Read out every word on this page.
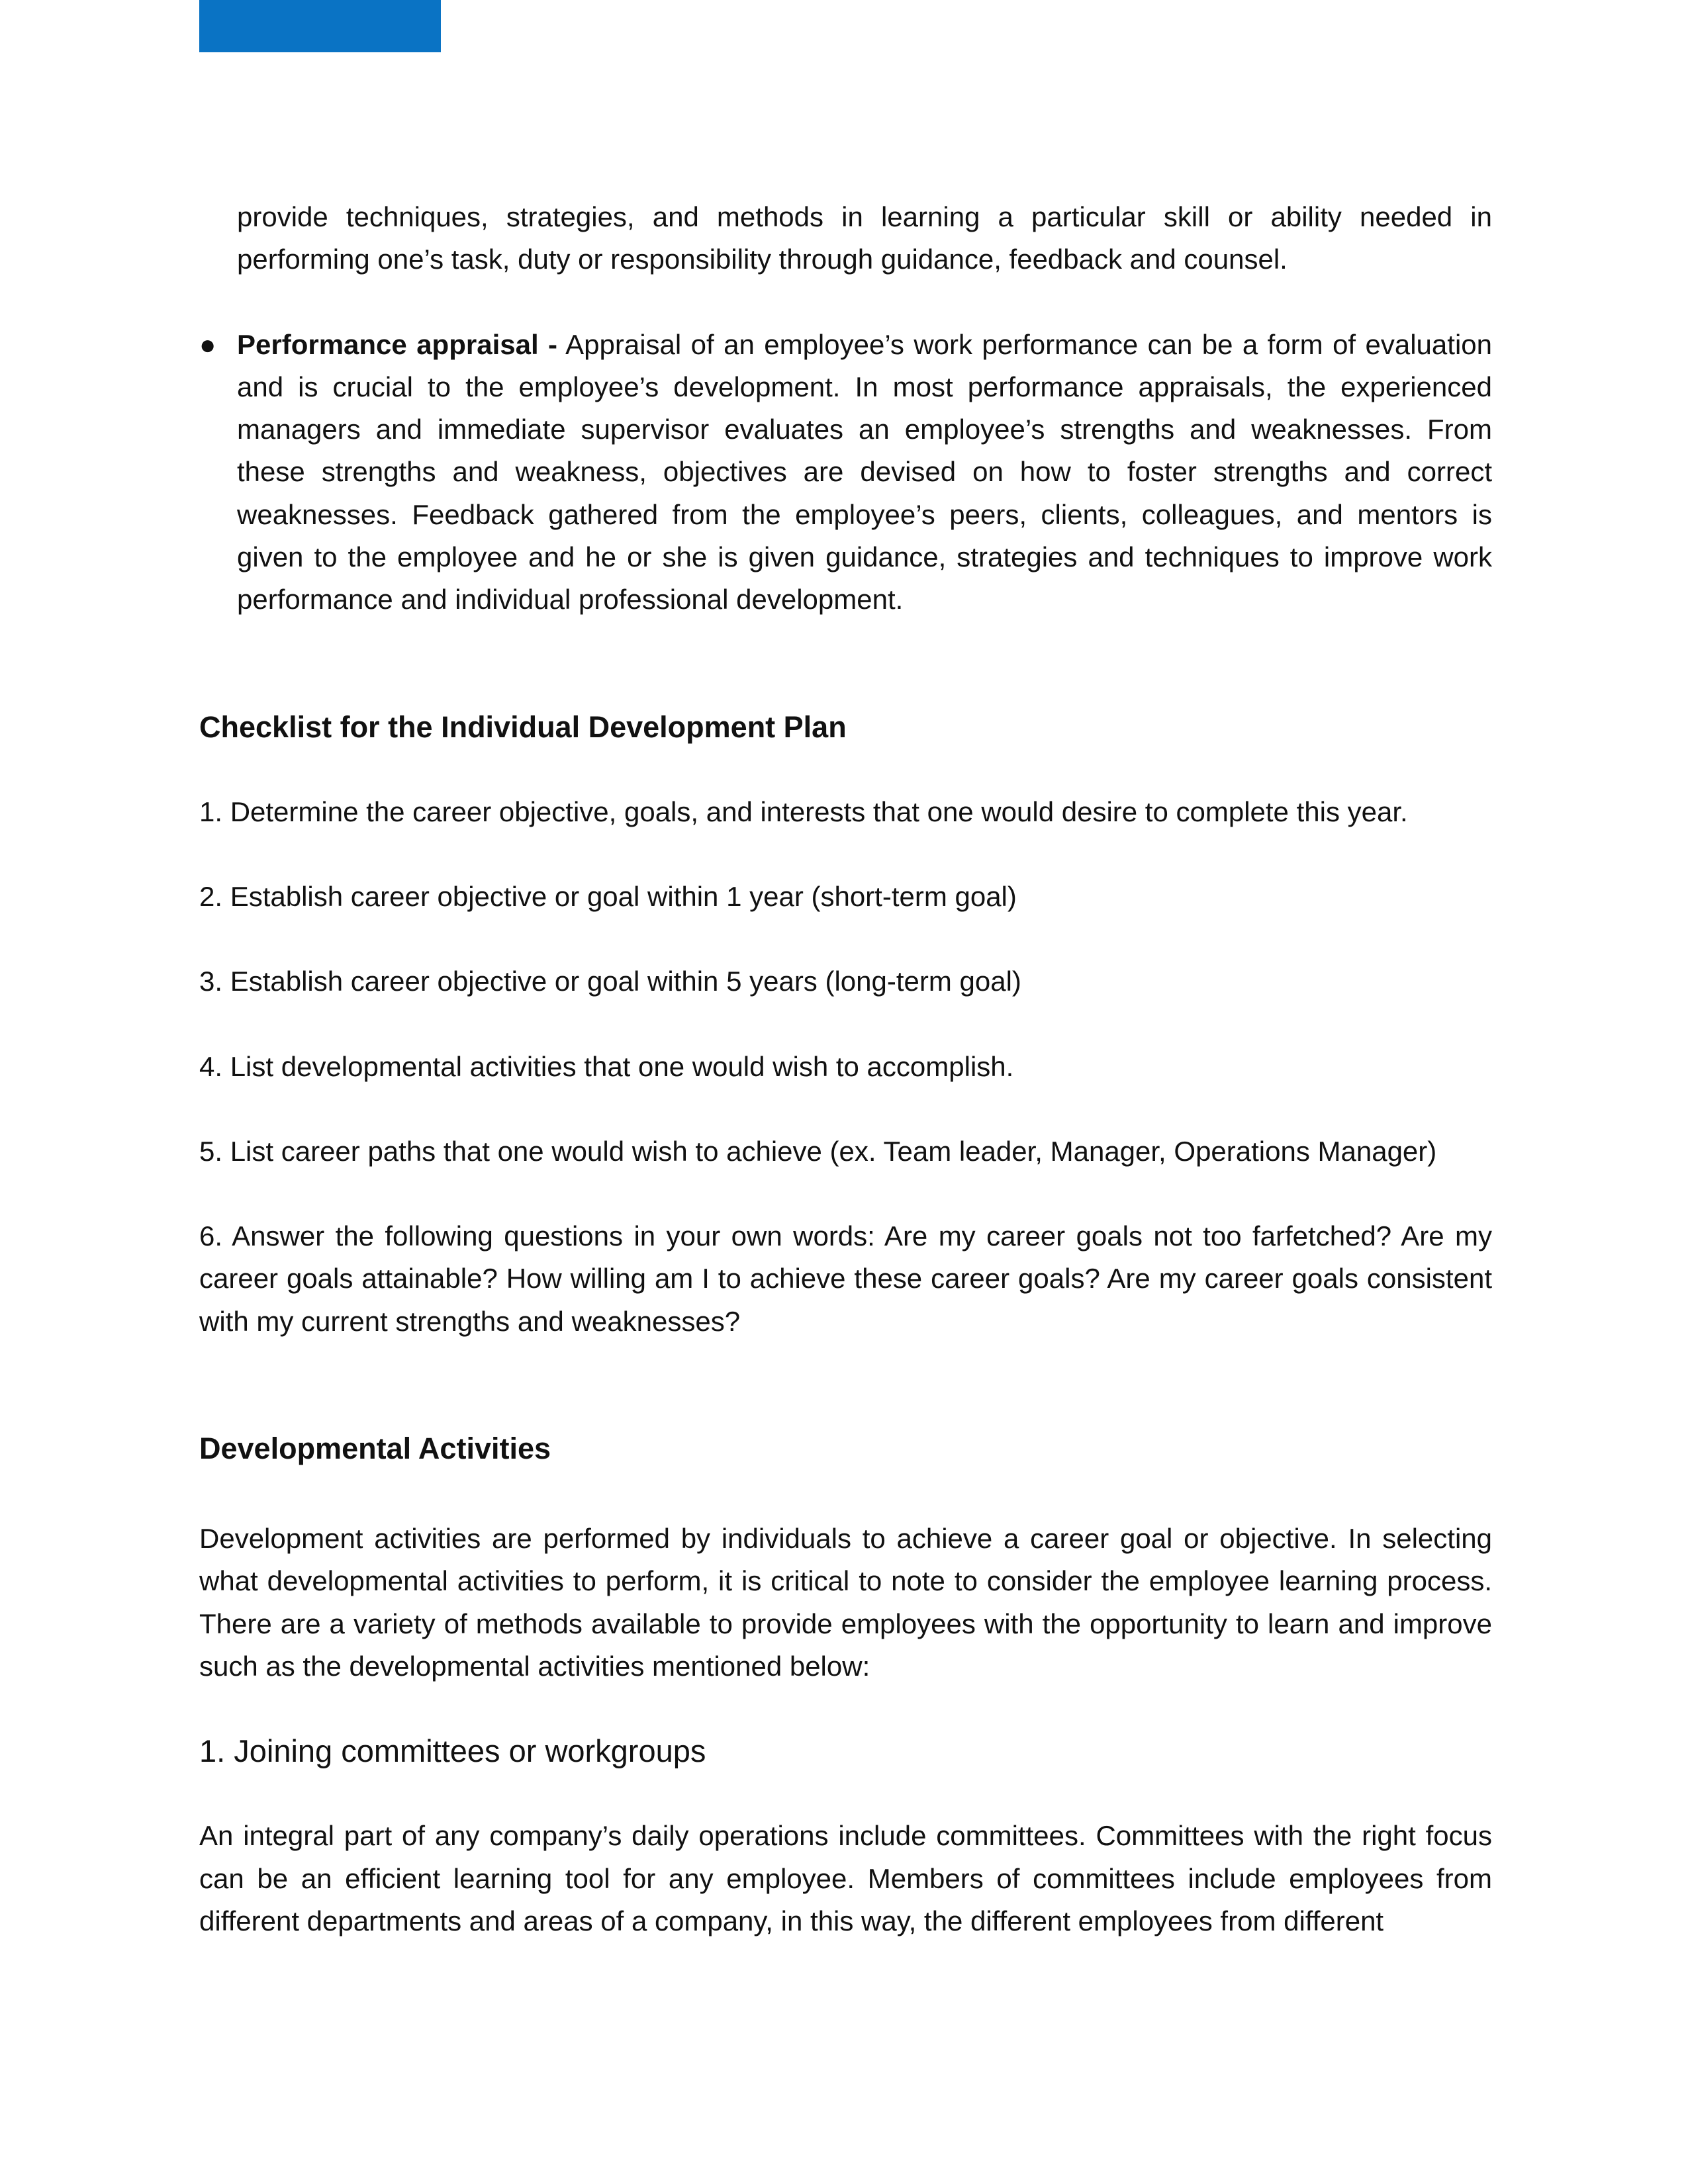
provide techniques, strategies, and methods in learning a particular skill or ability needed in performing one’s task, duty or responsibility through guidance, feedback and counsel.

● Performance appraisal - Appraisal of an employee’s work performance can be a form of evaluation and is crucial to the employee’s development. In most performance appraisals, the experienced managers and immediate supervisor evaluates an employee’s strengths and weaknesses. From these strengths and weakness, objectives are devised on how to foster strengths and correct weaknesses. Feedback gathered from the employee’s peers, clients, colleagues, and mentors is given to the employee and he or she is given guidance, strategies and techniques to improve work performance and individual professional development.
Checklist for the Individual Development Plan

1. Determine the career objective, goals, and interests that one would desire to complete this year.

2. Establish career objective or goal within 1 year (short-term goal)

3. Establish career objective or goal within 5 years (long-term goal)

4. List developmental activities that one would wish to accomplish.

5. List career paths that one would wish to achieve (ex. Team leader, Manager, Operations Manager)

6. Answer the following questions in your own words: Are my career goals not too farfetched? Are my career goals attainable? How willing am I to achieve these career goals? Are my career goals consistent with my current strengths and weaknesses?

Developmental Activities

Development activities are performed by individuals to achieve a career goal or objective. In selecting what developmental activities to perform, it is critical to note to consider the employee learning process. There are a variety of methods available to provide employees with the opportunity to learn and improve such as the developmental activities mentioned below:

1. Joining committees or workgroups

An integral part of any company’s daily operations include committees. Committees with the right focus can be an efficient learning tool for any employee. Members of committees include employees from different departments and areas of a company, in this way, the different employees from different
